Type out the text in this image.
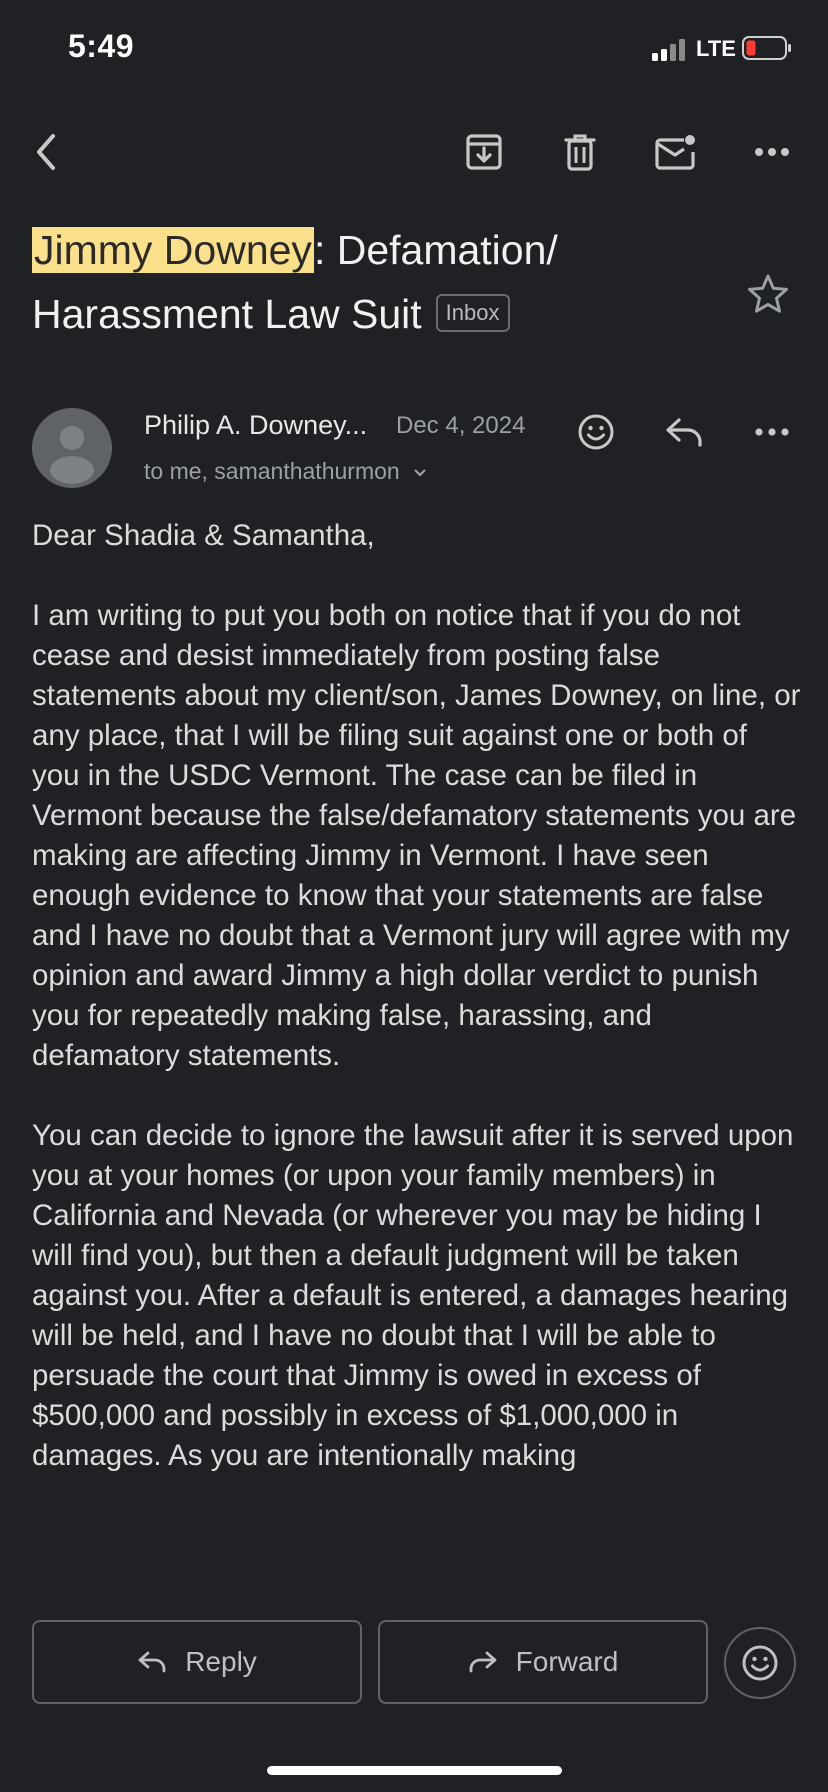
5:49	LTE
Jimmy Downey: Defamation/
Harassment Law Suit Inbox
Philip A. Downey... Dec 4, 2024
to me, samanthathurmon

Dear Shadia & Samantha,

I am writing to put you both on notice that if you do not cease and desist immediately from posting false statements about my client/son, James Downey, on line, or any place, that I will be filing suit against one or both of you in the USDC Vermont. The case can be filed in Vermont because the false/defamatory statements you are making are affecting Jimmy in Vermont. I have seen enough evidence to know that your statements are false and I have no doubt that a Vermont jury will agree with my opinion and award Jimmy a high dollar verdict to punish you for repeatedly making false, harassing, and defamatory statements.

You can decide to ignore the lawsuit after it is served upon you at your homes (or upon your family members) in California and Nevada (or wherever you may be hiding I will find you), but then a default judgment will be taken against you. After a default is entered, a damages hearing will be held, and I have no doubt that I will be able to persuade the court that Jimmy is owed in excess of $500,000 and possibly in excess of $1,000,000 in damages. As you are intentionally making

Reply	Forward
